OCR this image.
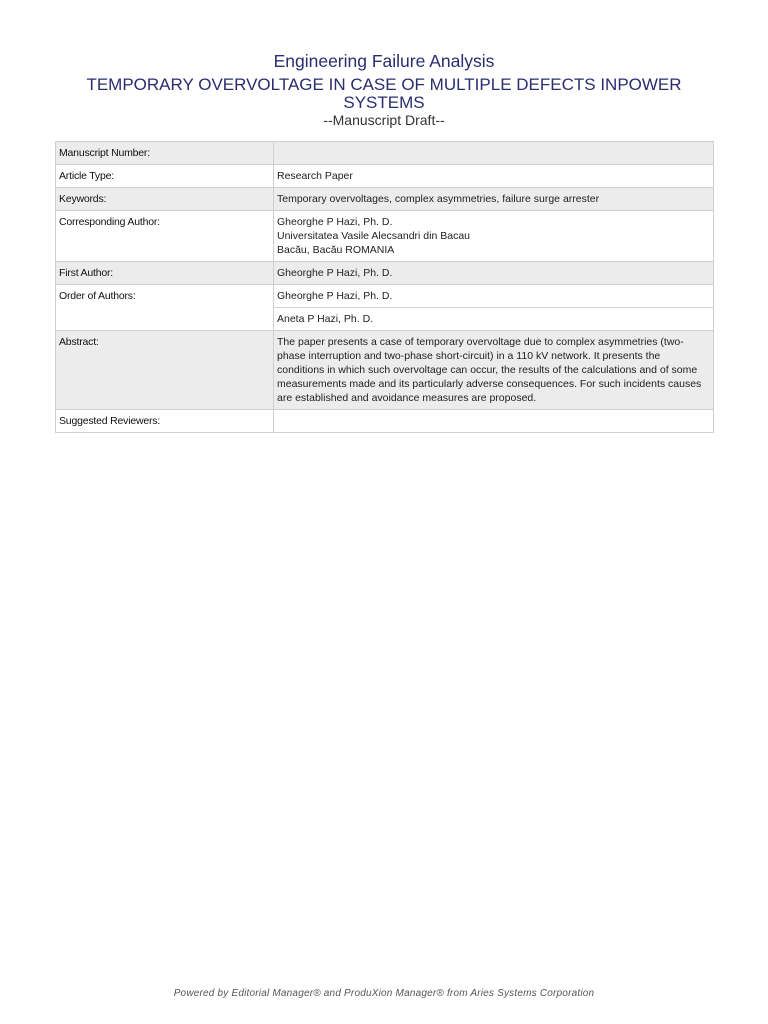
Engineering Failure Analysis
TEMPORARY OVERVOLTAGE IN CASE OF MULTIPLE DEFECTS INPOWER SYSTEMS
--Manuscript Draft--
Manuscript Number:	
Article Type:	Research Paper
Keywords:	Temporary overvoltages, complex asymmetries, failure surge arrester
Corresponding Author:	Gheorghe P Hazi, Ph. D.
Universitatea Vasile Alecsandri din Bacau
Bacău, Bacău ROMANIA

First Author:	Gheorghe P Hazi, Ph. D.
Order of Authors:	Gheorghe P Hazi, Ph. D.
	Aneta P Hazi, Ph. D.
Abstract:	The paper presents a case of temporary overvoltage due to complex asymmetries (two-phase interruption and two-phase short-circuit) in a 110 kV network. It presents the conditions in which such overvoltage can occur, the results of the calculations and of some measurements made and its particularly adverse consequences. For such incidents causes are established and avoidance measures are proposed.
Suggested Reviewers:	
Powered by Editorial Manager® and ProduXion Manager® from Aries Systems Corporation
